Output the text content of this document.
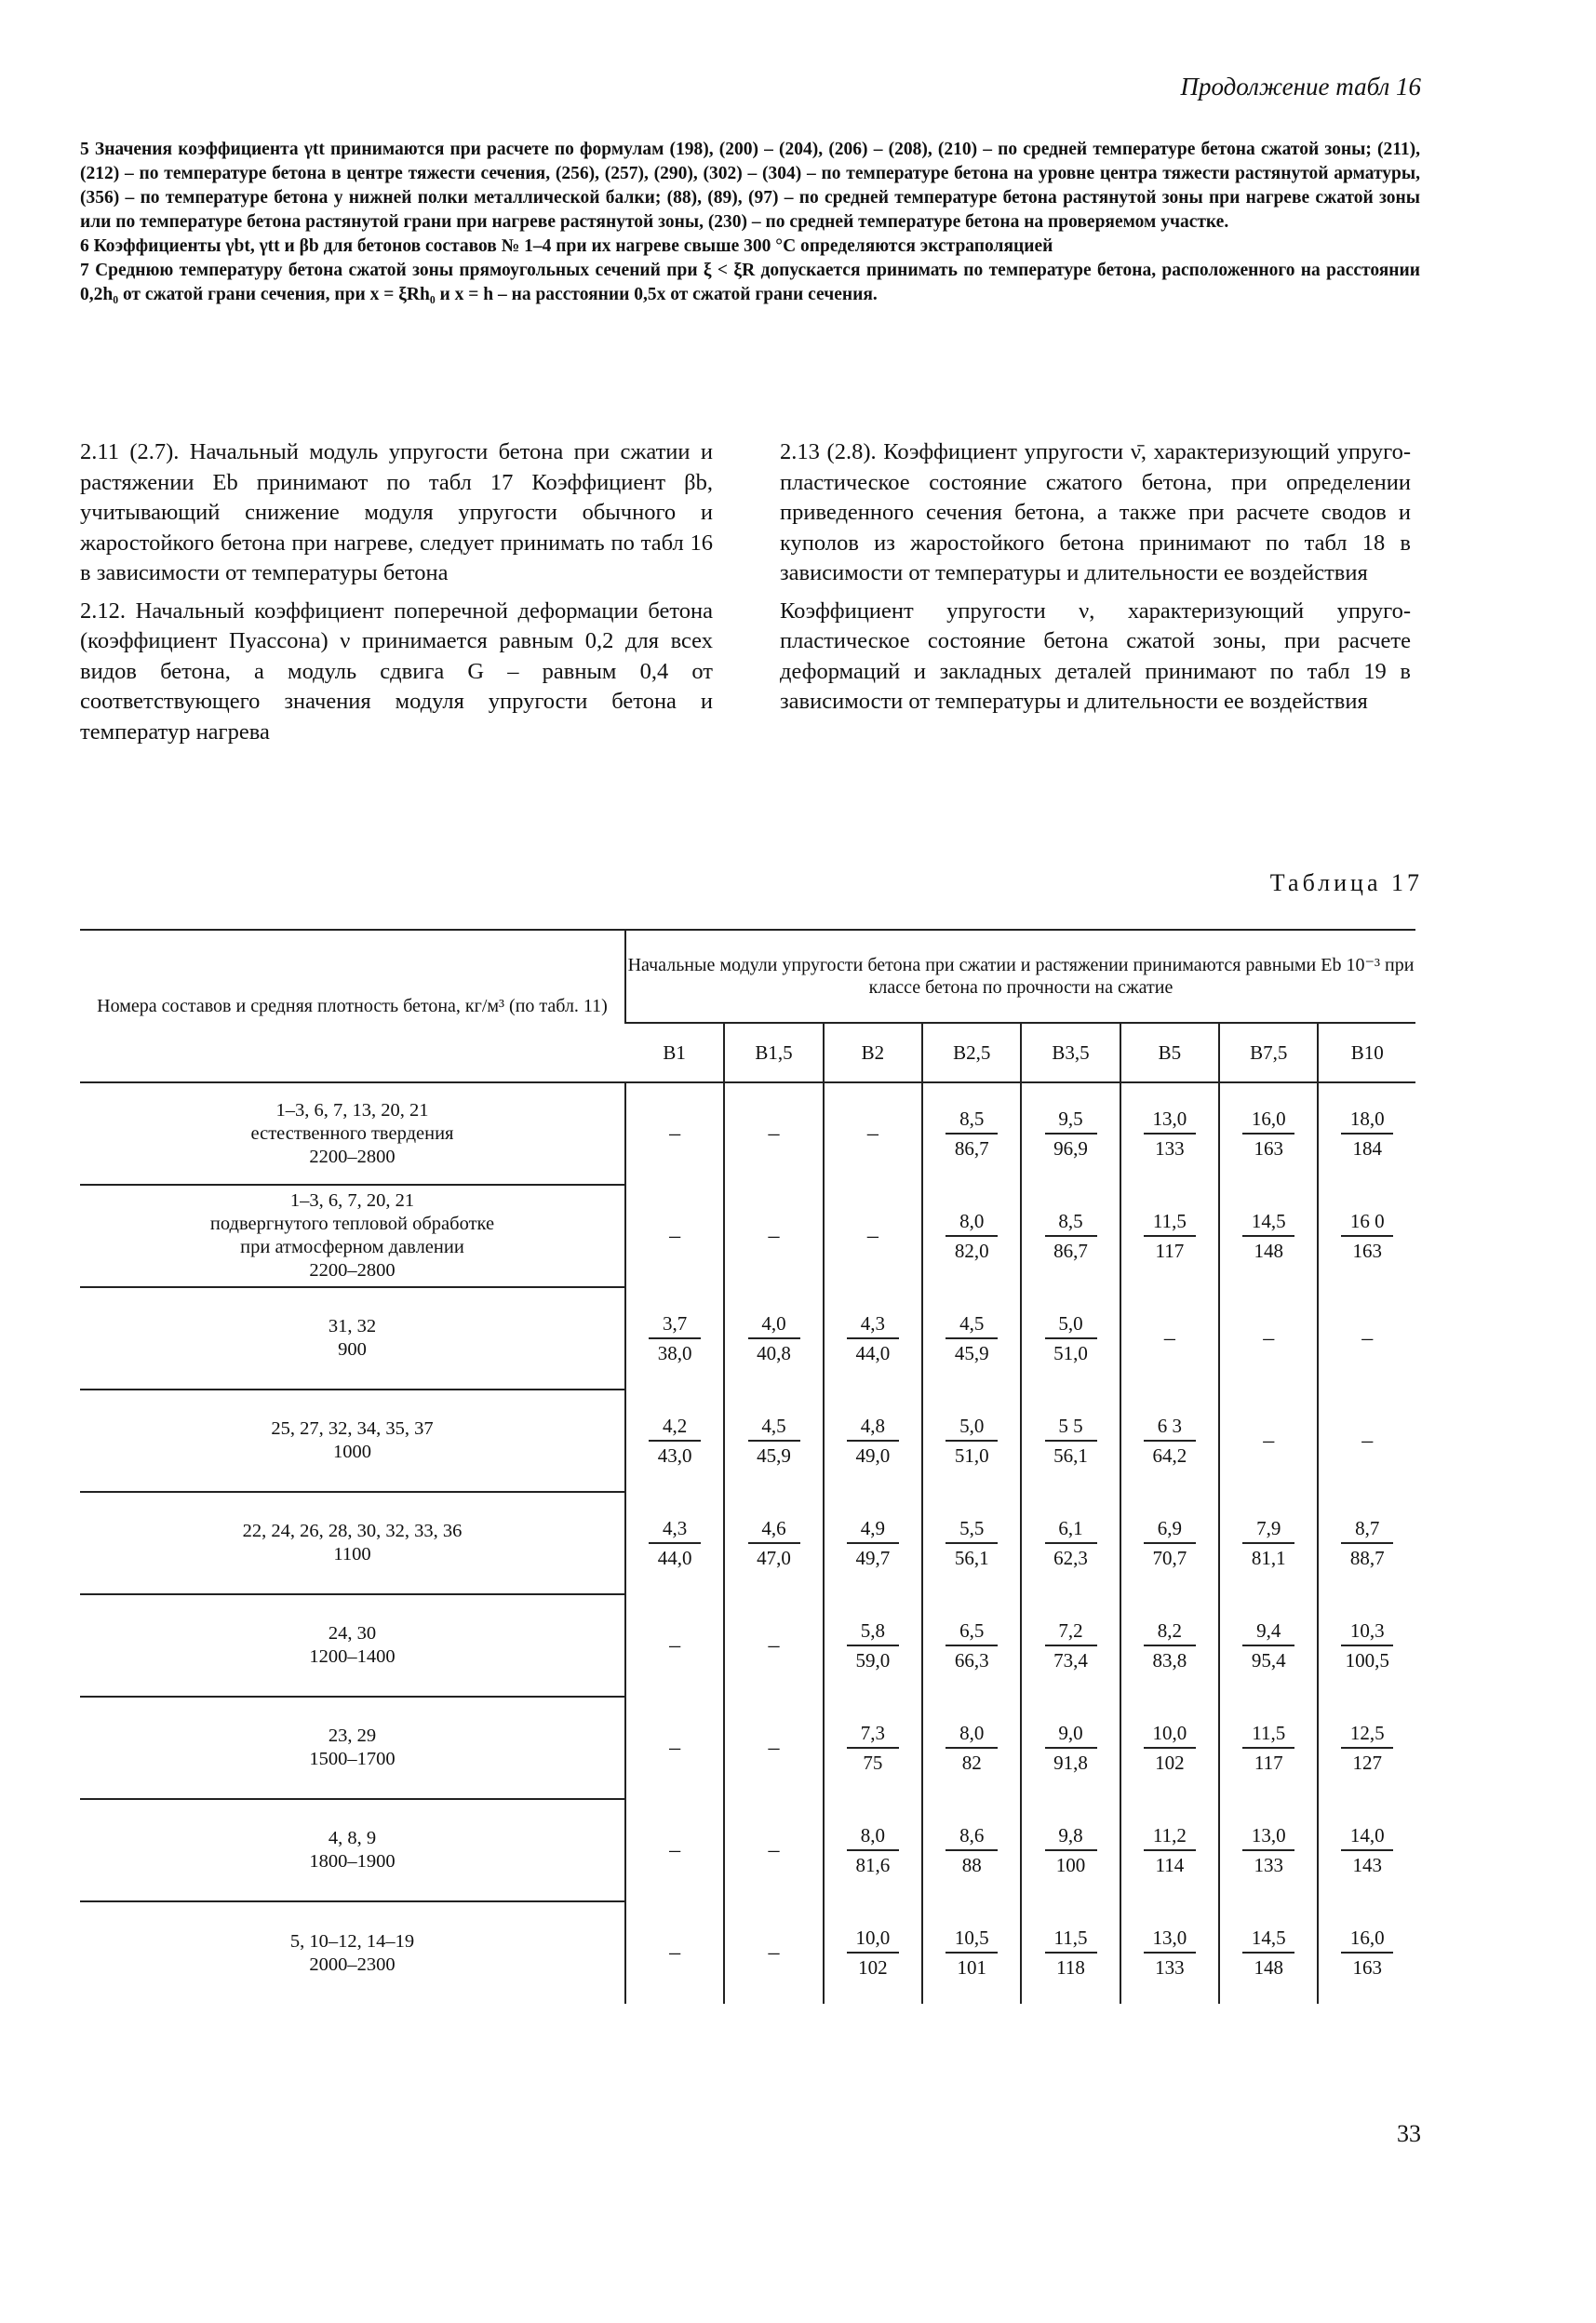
Продолжение табл 16

5 Значения коэффициента γtt принимаются при расчете по формулам (198), (200) – (204), (206) – (208), (210) – по средней температуре бетона сжатой зоны; (211), (212) – по температуре бетона в центре тяжести сечения, (256), (257), (290), (302) – (304) – по температуре бетона на уровне центра тяжести растянутой арматуры, (356) – по температуре бетона у нижней полки металлической балки; (88), (89), (97) – по средней температуре бетона растянутой зоны при нагреве сжатой зоны или по температуре бетона растянутой грани при нагреве растянутой зоны, (230) – по средней температуре бетона на проверяемом участке.

6 Коэффициенты γbt, γtt и βb для бетонов составов № 1–4 при их нагреве свыше 300 °С определяются экстраполяцией

7 Среднюю температуру бетона сжатой зоны прямоугольных сечений при ξ < ξR допускается принимать по температуре бетона, расположенного на расстоянии 0,2h₀ от сжатой грани сечения, при x = ξRh₀ и x = h – на расстоянии 0,5x от сжатой грани сечения.

2.11 (2.7). Начальный модуль упругости бетона при сжатии и растяжении Eb принимают по табл 17 Коэффициент βb, учитывающий снижение модуля упругости обычного и жаростойкого бетона при нагреве, следует принимать по табл 16 в зависимости от температуры бетона

2.12. Начальный коэффициент поперечной деформации бетона (коэффициент Пуассона) ν принимается равным 0,2 для всех видов бетона, а модуль сдвига G – равным 0,4 от соответствующего значения модуля упругости бетона и температур нагрева

2.13 (2.8). Коэффициент упругости ν̄, характеризующий упруго-пластическое состояние сжатого бетона, при определении приведенного сечения бетона, а также при расчете сводов и куполов из жаростойкого бетона принимают по табл 18 в зависимости от температуры и длительности ее воздействия

Коэффициент упругости ν, характеризующий упруго-пластическое состояние бетона сжатой зоны, при расчете деформаций и закладных деталей принимают по табл 19 в зависимости от температуры и длительности ее воздействия

Таблица 17
Номера составов и средняя плотность бетона, кг/м³ (по табл. 11)	Начальные модули упругости бетона при сжатии и растяжении принимаются равными Eb 10⁻³ при классе бетона по прочности на сжатие							
	B1	B1,5	B2	B2,5	B3,5	B5	B7,5	B10
1–3, 6, 7, 13, 20, 21
естественного твердения
2200–2800	–	–	–	$\frac{8,5}{86,7}$	$\frac{9,5}{96,9}$	$\frac{13,0}{133}$	$\frac{16,0}{163}$	$\frac{18,0}{184}$

1–3, 6, 7, 20, 21
подвергнутого тепловой обработке
при атмосферном давлении
2200–2800	–	–	–	$\frac{8,0}{82,0}$	$\frac{8,5}{86,7}$	$\frac{11,5}{117}$	$\frac{14,5}{148}$	$\frac{16 0}{163}$

31, 32
900	$\frac{3,7}{38,0}$	$\frac{4,0}{40,8}$	$\frac{4,3}{44,0}$	$\frac{4,5}{45,9}$	$\frac{5,0}{51,0}$	–	–	–
25, 27, 32, 34, 35, 37
1000	$\frac{4,2}{43,0}$	$\frac{4,5}{45,9}$	$\frac{4,8}{49,0}$	$\frac{5,0}{51,0}$	$\frac{5 5}{56,1}$	$\frac{6 3}{64,2}$	–	–
22, 24, 26, 28, 30, 32, 33, 36
1100	$\frac{4,3}{44,0}$	$\frac{4,6}{47,0}$	$\frac{4,9}{49,7}$	$\frac{5,5}{56,1}$	$\frac{6,1}{62,3}$	$\frac{6,9}{70,7}$	$\frac{7,9}{81,1}$	$\frac{8,7}{88,7}$

24, 30
1200–1400	–	–	$\frac{5,8}{59,0}$	$\frac{6,5}{66,3}$	$\frac{7,2}{73,4}$	$\frac{8,2}{83,8}$	$\frac{9,4}{95,4}$	$\frac{10,3}{100,5}$

23, 29
1500–1700	–	–	$\frac{7,3}{75}$	$\frac{8,0}{82}$	$\frac{9,0}{91,8}$	$\frac{10,0}{102}$	$\frac{11,5}{117}$	$\frac{12,5}{127}$

4, 8, 9
1800–1900	–	–	$\frac{8,0}{81,6}$	$\frac{8,6}{88}$	$\frac{9,8}{100}$	$\frac{11,2}{114}$	$\frac{13,0}{133}$	$\frac{14,0}{143}$

5, 10–12, 14–19
2000–2300	–	–	$\frac{10,0}{102}$	$\frac{10,5}{101}$	$\frac{11,5}{118}$	$\frac{13,0}{133}$	$\frac{14,5}{148}$	$\frac{16,0}{163}$
33
